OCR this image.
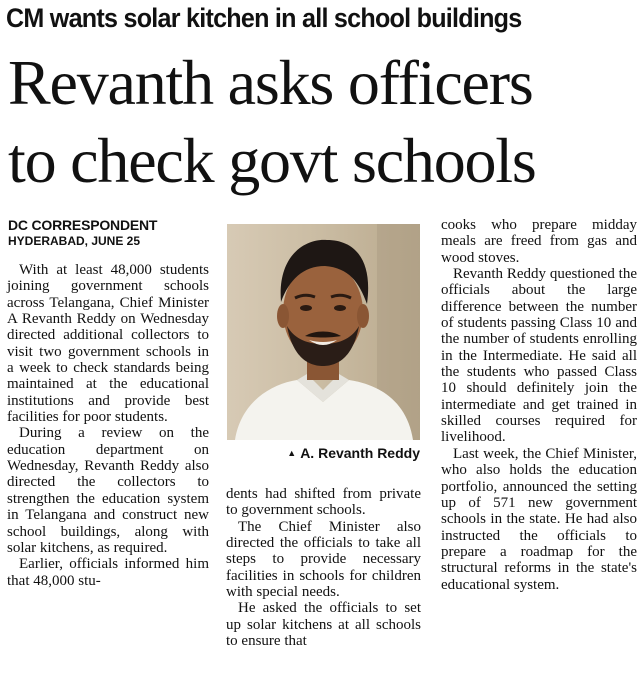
CM wants solar kitchen in all school buildings
Revanth asks officers
to check govt schools
DC CORRESPONDENT
HYDERABAD, JUNE 25

With at least 48,000 students joining government schools across Telangana, Chief Minister A Revanth Reddy on Wednesday directed additional collectors to visit two government schools in a week to check standards being maintained at the educational institutions and provide best facilities for poor students.

During a review on the education department on Wednesday, Revanth Reddy also directed the collectors to strengthen the education system in Telangana and construct new school buildings, along with solar kitchens, as required.

Earlier, officials informed him that 48,000 stu-

▲ A. Revanth Reddy
dents had shifted from private to government schools.

The Chief Minister also directed the officials to take all steps to provide necessary facilities in schools for children with special needs.

He asked the officials to set up solar kitchens at all schools to ensure that

cooks who prepare midday meals are freed from gas and wood stoves.

Revanth Reddy questioned the officials about the large difference between the number of students passing Class 10 and the number of students enrolling in the Intermediate. He said all the students who passed Class 10 should definitely join the intermediate and get trained in skilled courses required for livelihood.

Last week, the Chief Minister, who also holds the education portfolio, announced the setting up of 571 new government schools in the state. He had also instructed the officials to prepare a roadmap for the structural reforms in the state's educational system.
